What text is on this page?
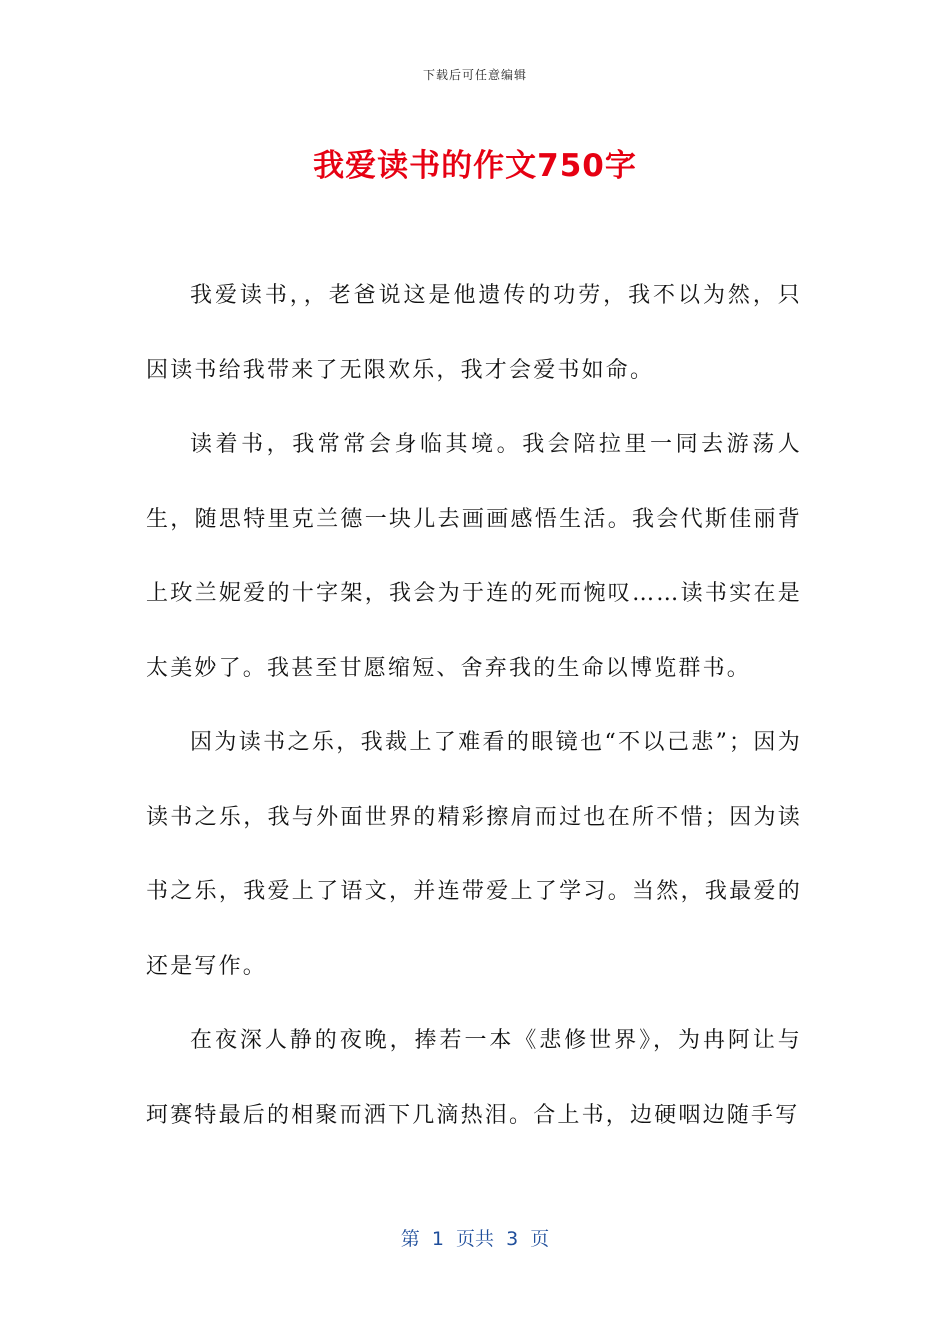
下载后可任意编辑
我爱读书的作文750字

我爱读书，，老爸说这是他遗传的功劳，我不以为然，只因读书给我带来了无限欢乐，我才会爱书如命。

读着书，我常常会身临其境。我会陪拉里一同去游荡人生，随思特里克兰德一块儿去画画感悟生活。我会代斯佳丽背上玫兰妮爱的十字架，我会为于连的死而惋叹……读书实在是太美妙了。我甚至甘愿缩短、舍弃我的生命以博览群书。

因为读书之乐，我裁上了难看的眼镜也“不以己悲”；因为读书之乐，我与外面世界的精彩擦肩而过也在所不惜；因为读书之乐，我爱上了语文，并连带爱上了学习。当然，我最爱的还是写作。

在夜深人静的夜晚，捧若一本《悲修世界》，为冉阿让与珂赛特最后的相聚而洒下几滴热泪。合上书，边硬咽边随手写

第  1  页共  3  页
